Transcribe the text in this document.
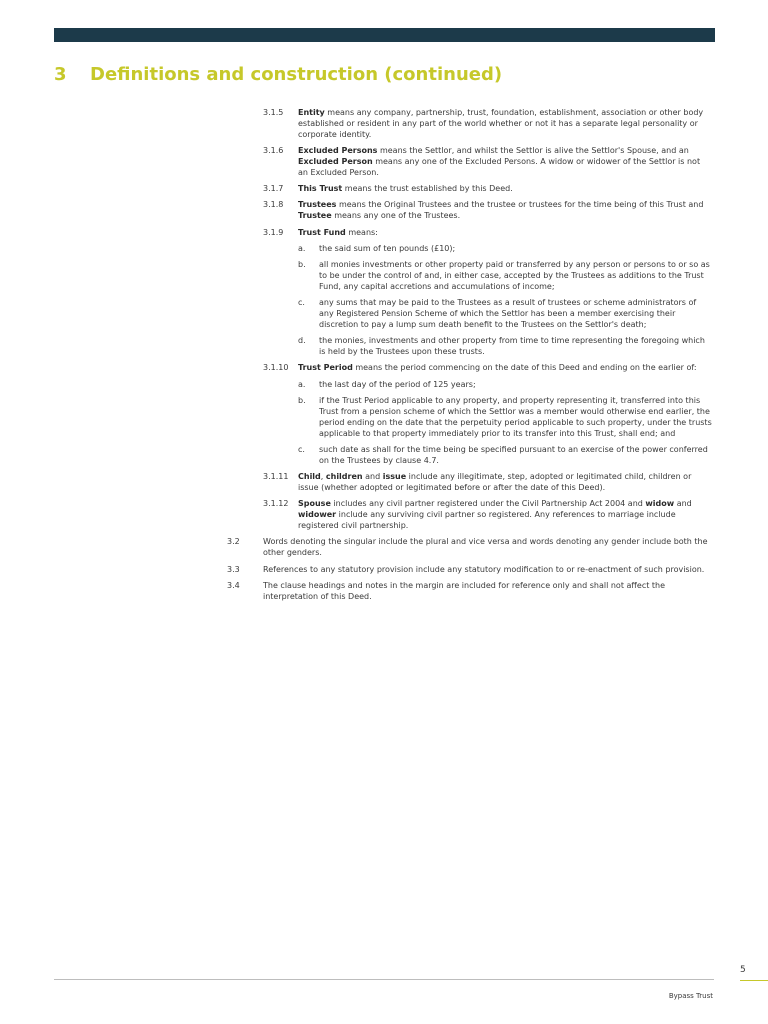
3 Definitions and construction (continued)
3.1.5 Entity means any company, partnership, trust, foundation, establishment, association or other body established or resident in any part of the world whether or not it has a separate legal personality or corporate identity.
3.1.6 Excluded Persons means the Settlor, and whilst the Settlor is alive the Settlor's Spouse, and an Excluded Person means any one of the Excluded Persons. A widow or widower of the Settlor is not an Excluded Person.
3.1.7 This Trust means the trust established by this Deed.
3.1.8 Trustees means the Original Trustees and the trustee or trustees for the time being of this Trust and Trustee means any one of the Trustees.
3.1.9 Trust Fund means:
a. the said sum of ten pounds (£10);
b. all monies investments or other property paid or transferred by any person or persons to or so as to be under the control of and, in either case, accepted by the Trustees as additions to the Trust Fund, any capital accretions and accumulations of income;
c. any sums that may be paid to the Trustees as a result of trustees or scheme administrators of any Registered Pension Scheme of which the Settlor has been a member exercising their discretion to pay a lump sum death benefit to the Trustees on the Settlor's death;
d. the monies, investments and other property from time to time representing the foregoing which is held by the Trustees upon these trusts.
3.1.10 Trust Period means the period commencing on the date of this Deed and ending on the earlier of:
a. the last day of the period of 125 years;
b. if the Trust Period applicable to any property, and property representing it, transferred into this Trust from a pension scheme of which the Settlor was a member would otherwise end earlier, the period ending on the date that the perpetuity period applicable to such property, under the trusts applicable to that property immediately prior to its transfer into this Trust, shall end; and
c. such date as shall for the time being be specified pursuant to an exercise of the power conferred on the Trustees by clause 4.7.
3.1.11 Child, children and issue include any illegitimate, step, adopted or legitimated child, children or issue (whether adopted or legitimated before or after the date of this Deed).
3.1.12 Spouse includes any civil partner registered under the Civil Partnership Act 2004 and widow and widower include any surviving civil partner so registered. Any references to marriage include registered civil partnership.
3.2	Words denoting the singular include the plural and vice versa and words denoting any gender include both the other genders.
3.3	References to any statutory provision include any statutory modification to or re-enactment of such provision.
3.4	The clause headings and notes in the margin are included for reference only and shall not affect the interpretation of this Deed.
5
Bypass Trust
